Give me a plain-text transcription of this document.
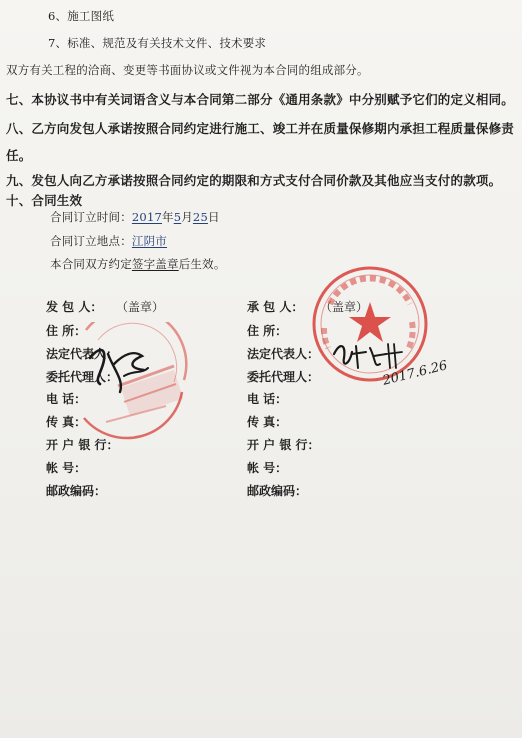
6、施工图纸
7、标准、规范及有关技术文件、技术要求
双方有关工程的洽商、变更等书面协议或文件视为本合同的组成部分。
七、本协议书中有关词语含义与本合同第二部分《通用条款》中分别赋予它们的定义相同。
八、乙方向发包人承诺按照合同约定进行施工、竣工并在质量保修期内承担工程质量保修责
任。
九、发包人向乙方承诺按照合同约定的期限和方式支付合同价款及其他应当支付的款项。
十、合同生效
合同订立时间：2017年5月25日
合同订立地点：江阴市
本合同双方约定签字盖章后生效。
发 包 人： （盖章）
住 所：
法定代表人：
委托代理人：
电 话：
传 真：
开 户 银 行：
帐 号：
邮政编码：
承 包 人： （盖章）
住 所：
法定代表人：
委托代理人：
电 话：
传 真：
开 户 银 行：
帐 号：
邮政编码：
2017.6.26
